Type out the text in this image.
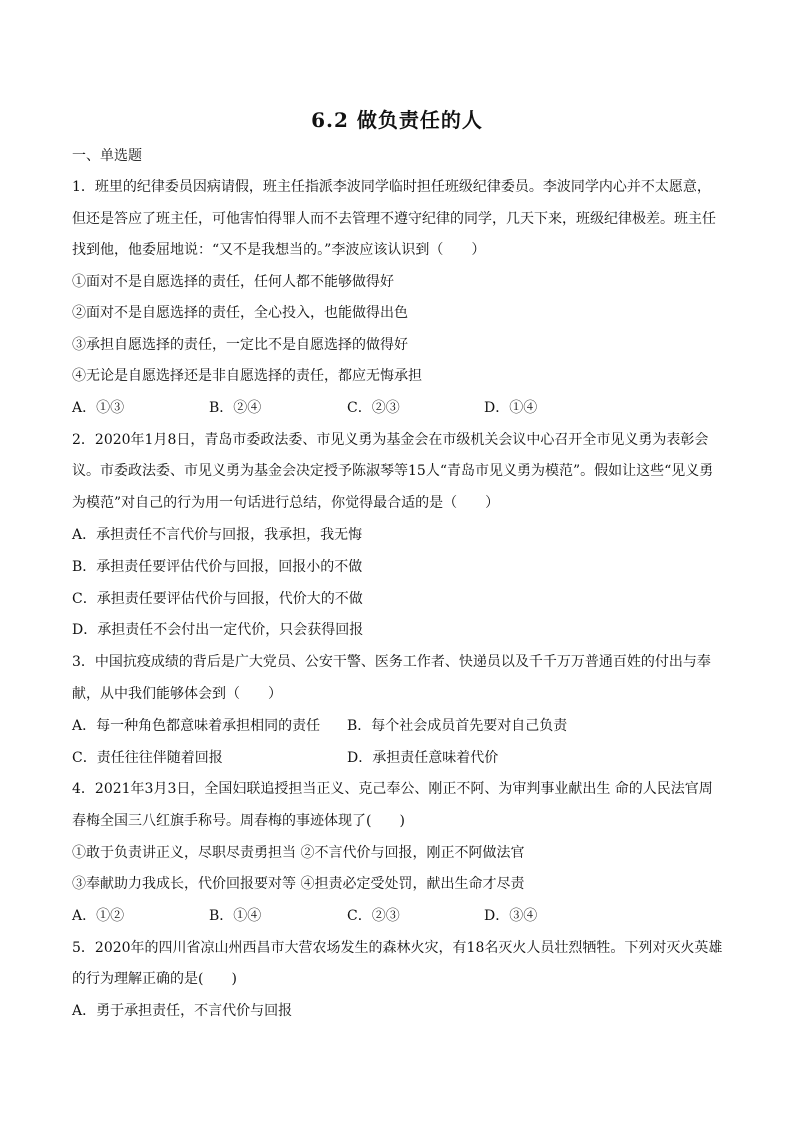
6.2 做负责任的人
一、单选题
1．班里的纪律委员因病请假，班主任指派李波同学临时担任班级纪律委员。李波同学内心并不太愿意，
但还是答应了班主任，可他害怕得罪人而不去管理不遵守纪律的同学，几天下来，班级纪律极差。班主任
找到他，他委屈地说：“又不是我想当的。”李波应该认识到（　　）
①面对不是自愿选择的责任，任何人都不能够做得好
②面对不是自愿选择的责任，全心投入，也能做得出色
③承担自愿选择的责任，一定比不是自愿选择的做得好
④无论是自愿选择还是非自愿选择的责任，都应无悔承担
A．①③	B．②④	C．②③	D．①④
2．2020年1月8日，青岛市委政法委、市见义勇为基金会在市级机关会议中心召开全市见义勇为表彰会
议。市委政法委、市见义勇为基金会决定授予陈淑琴等15人“青岛市见义勇为模范”。假如让这些“见义勇
为模范”对自己的行为用一句话进行总结，你觉得最合适的是（　　）
A．承担责任不言代价与回报，我承担，我无悔
B．承担责任要评估代价与回报，回报小的不做
C．承担责任要评估代价与回报，代价大的不做
D．承担责任不会付出一定代价，只会获得回报
3．中国抗疫成绩的背后是广大党员、公安干警、医务工作者、快递员以及千千万万普通百姓的付出与奉
献，从中我们能够体会到（　　）
A．每一种角色都意味着承担相同的责任 B．每个社会成员首先要对自己负责
C．责任往往伴随着回报	D．承担责任意味着代价
4．2021年3月3日，全国妇联追授担当正义、克己奉公、刚正不阿、为审判事业献出生 命的人民法官周
春梅全国三八红旗手称号。周春梅的事迹体现了(　　)
①敢于负责讲正义，尽职尽责勇担当 ②不言代价与回报，刚正不阿做法官
③奉献助力我成长，代价回报要对等 ④担责必定受处罚，献出生命才尽责
A．①②	B．①④	C．②③	D．③④
5．2020年的四川省凉山州西昌市大营农场发生的森林火灾，有18名灭火人员壮烈牺牲。下列对灭火英雄
的行为理解正确的是(　　)
A．勇于承担责任，不言代价与回报
